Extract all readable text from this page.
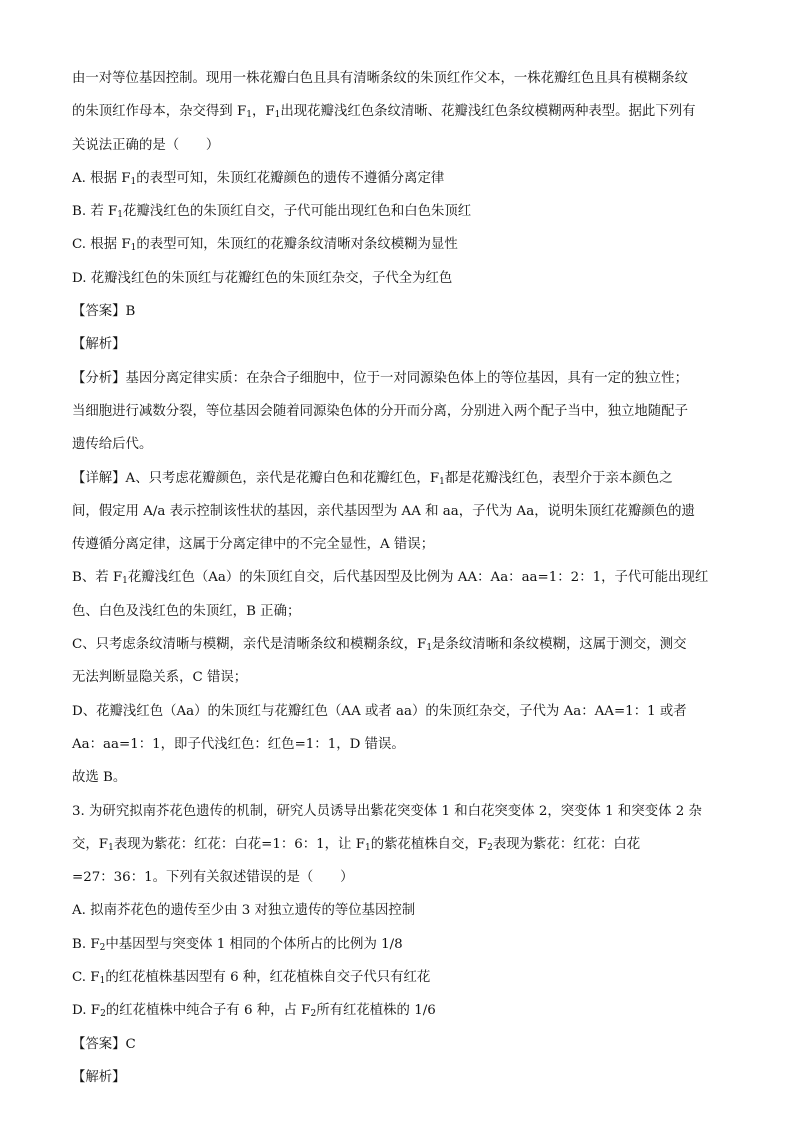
由一对等位基因控制。现用一株花瓣白色且具有清晰条纹的朱顶红作父本，一株花瓣红色且具有模糊条纹
的朱顶红作母本，杂交得到 $F_1$，$F_1$出现花瓣浅红色条纹清晰、花瓣浅红色条纹模糊两种表型。据此下列有
关说法正确的是（　　）
A. 根据 $F_1$的表型可知，朱顶红花瓣颜色的遗传不遵循分离定律
B. 若 $F_1$花瓣浅红色的朱顶红自交，子代可能出现红色和白色朱顶红
C. 根据 $F_1$的表型可知，朱顶红的花瓣条纹清晰对条纹模糊为显性
D. 花瓣浅红色的朱顶红与花瓣红色的朱顶红杂交，子代全为红色
【答案】B
【解析】
【分析】基因分离定律实质：在杂合子细胞中，位于一对同源染色体上的等位基因，具有一定的独立性；
当细胞进行减数分裂，等位基因会随着同源染色体的分开而分离，分别进入两个配子当中，独立地随配子
遗传给后代。
【详解】A、只考虑花瓣颜色，亲代是花瓣白色和花瓣红色，$F_1$都是花瓣浅红色，表型介于亲本颜色之
间，假定用 A/a 表示控制该性状的基因，亲代基因型为 AA 和 aa，子代为 Aa，说明朱顶红花瓣颜色的遗
传遵循分离定律，这属于分离定律中的不完全显性，A 错误；
B、若 $F_1$花瓣浅红色（Aa）的朱顶红自交，后代基因型及比例为 AA：Aa：aa=1：2：1，子代可能出现红
色、白色及浅红色的朱顶红，B 正确；
C、只考虑条纹清晰与模糊，亲代是清晰条纹和模糊条纹，$F_1$是条纹清晰和条纹模糊，这属于测交，测交
无法判断显隐关系，C 错误；
D、花瓣浅红色（Aa）的朱顶红与花瓣红色（AA 或者 aa）的朱顶红杂交，子代为 Aa：AA=1：1 或者
Aa：aa=1：1，即子代浅红色：红色=1：1，D 错误。
故选 B。
3. 为研究拟南芥花色遗传的机制，研究人员诱导出紫花突变体 1 和白花突变体 2，突变体 1 和突变体 2 杂
交，$F_1$表现为紫花：红花：白花=1：6：1，让 $F_1$的紫花植株自交，$F_2$表现为紫花：红花：白花
=27：36：1。下列有关叙述错误的是（　　）
A. 拟南芥花色的遗传至少由 3 对独立遗传的等位基因控制
B. $F_2$中基因型与突变体 1 相同的个体所占的比例为 1/8
C. $F_1$的红花植株基因型有 6 种，红花植株自交子代只有红花
D. $F_2$的红花植株中纯合子有 6 种，占 $F_2$所有红花植株的 1/6
【答案】C
【解析】
